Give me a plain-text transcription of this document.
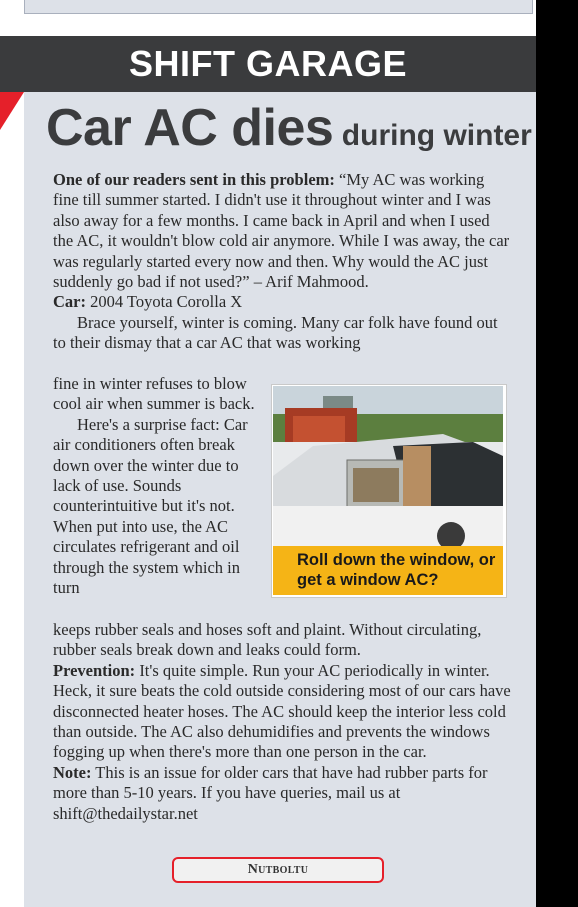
SHIFT GARAGE
Car AC dies during winter

One of our readers sent in this problem: “My AC was working fine till summer started. I didn't use it throughout winter and I was also away for a few months. I came back in April and when I used the AC, it wouldn't blow cold air anymore. While I was away, the car was regularly started every now and then. Why would the AC just suddenly go bad if not used?” – Arif Mahmood.

Car: 2004 Toyota Corolla X

Brace yourself, winter is coming. Many car folk have found out to their dismay that a car AC that was working

fine in winter refuses to blow cool air when summer is back.

Here's a surprise fact: Car air conditioners often break down over the winter due to lack of use. Sounds counterintuitive but it's not. When put into use, the AC circulates refrigerant and oil through the system which in turn

Roll down the window, or get a window AC?

keeps rubber seals and hoses soft and plaint. Without circulating, rubber seals break down and leaks could form.

Prevention: It's quite simple. Run your AC periodically in winter. Heck, it sure beats the cold outside considering most of our cars have disconnected heater hoses. The AC should keep the interior less cold than outside. The AC also dehumidifies and prevents the windows fogging up when there's more than one person in the car.

Note: This is an issue for older cars that have had rubber parts for more than 5-10 years. If you have queries, mail us at shift@thedailystar.net

Nutboltu
